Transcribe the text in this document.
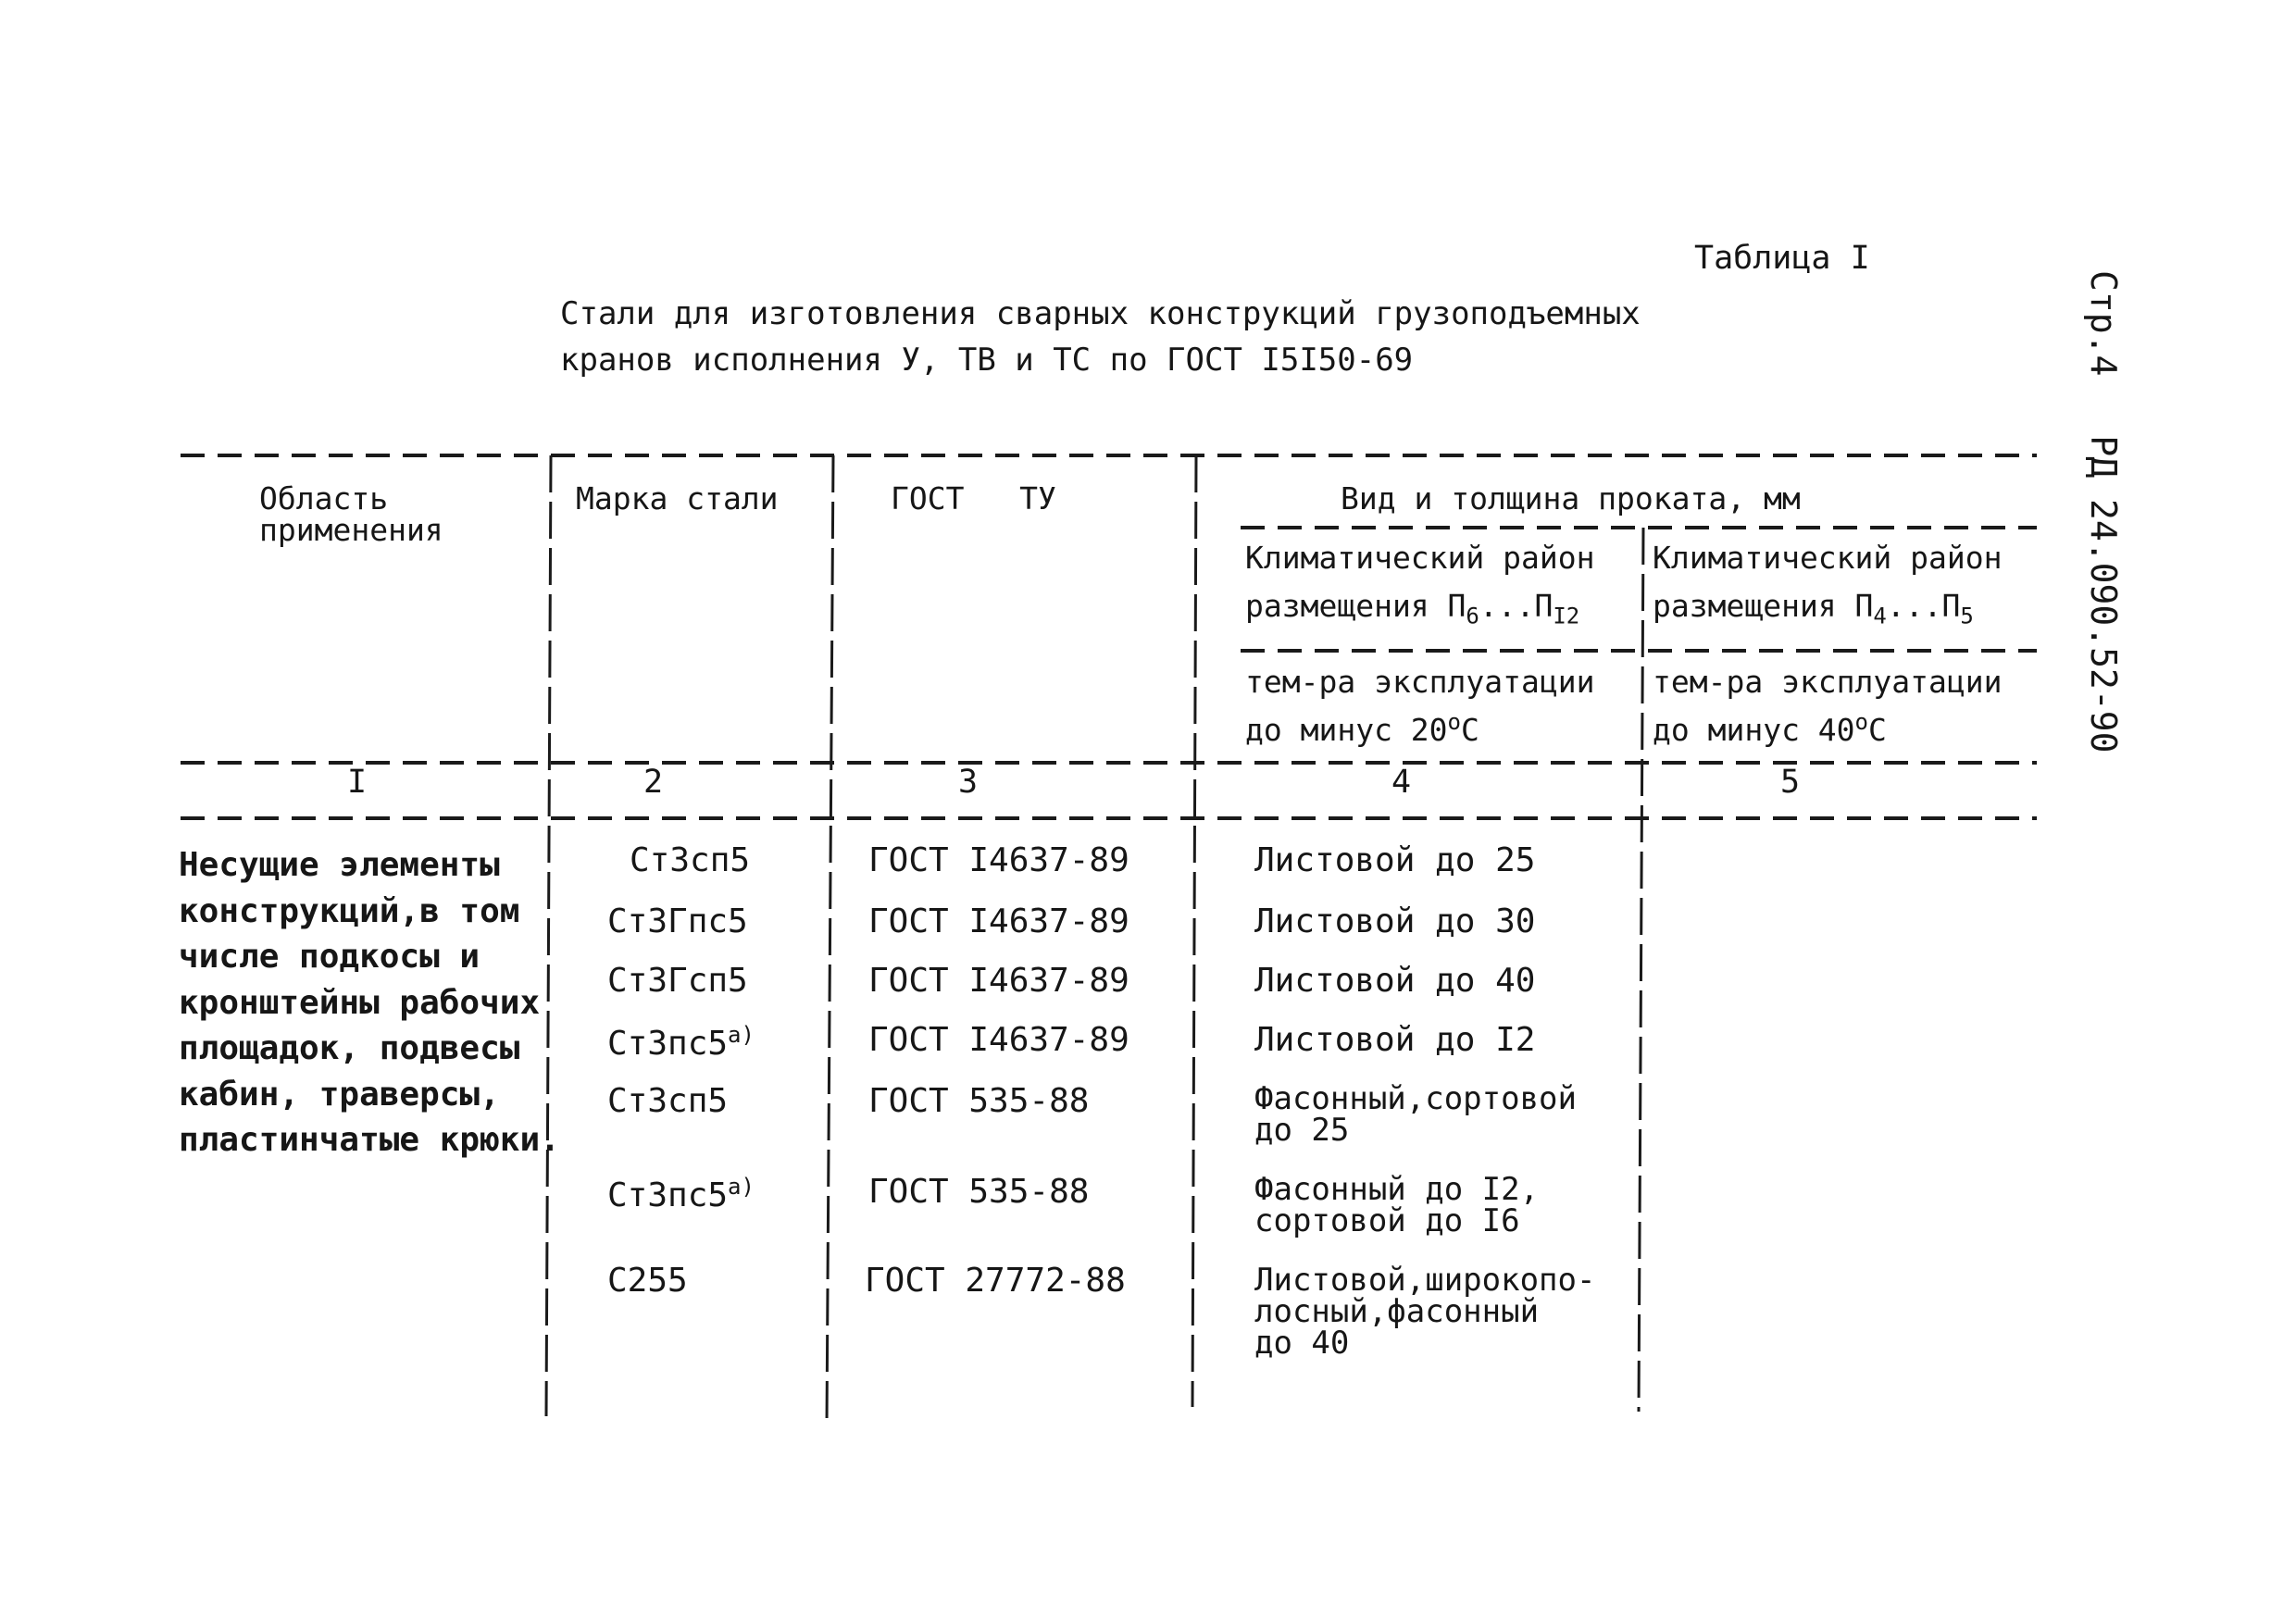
Таблица I
Стали для изготовления сварных конструкций грузоподъемных
кранов исполнения У, ТВ и ТС по ГОСТ I5I50-69	Стр.4РД 24.090.52-90
Область применения
Марка стали	ГОСТ   ТУ	Вид и толщина проката, мм
Климатический район
размещения $П_6...П_{I2}$
Климатический район
размещения $П_4...П_5$
тем-ра эксплуатации
до минус 20$^o$С
тем-ра эксплуатации
до минус 40$^o$С
I	2	3	4	5
Несущие элементы
конструкций,в том
числе подкосы и
кронштейны рабочих
площадок, подвесы
кабин, траверсы,
пластинчатые крюки.
Ст3сп5	ГОСТ I4637-89	Листовой до 25
Ст3Гпс5	ГОСТ I4637-89	Листовой до 30
Ст3Гсп5	ГОСТ I4637-89	Листовой до 40
$Ст3пс5^{а)}$	ГОСТ I4637-89	Листовой до I2
Ст3сп5	ГОСТ 535-88	Фасонный,сортовой
до 25
$Ст3пс5^{а)}$	ГОСТ 535-88	Фасонный до I2,
сортовой до I6
С255	ГОСТ 27772-88	Листовой,широкопо-
лосный,фасонный
до 40
